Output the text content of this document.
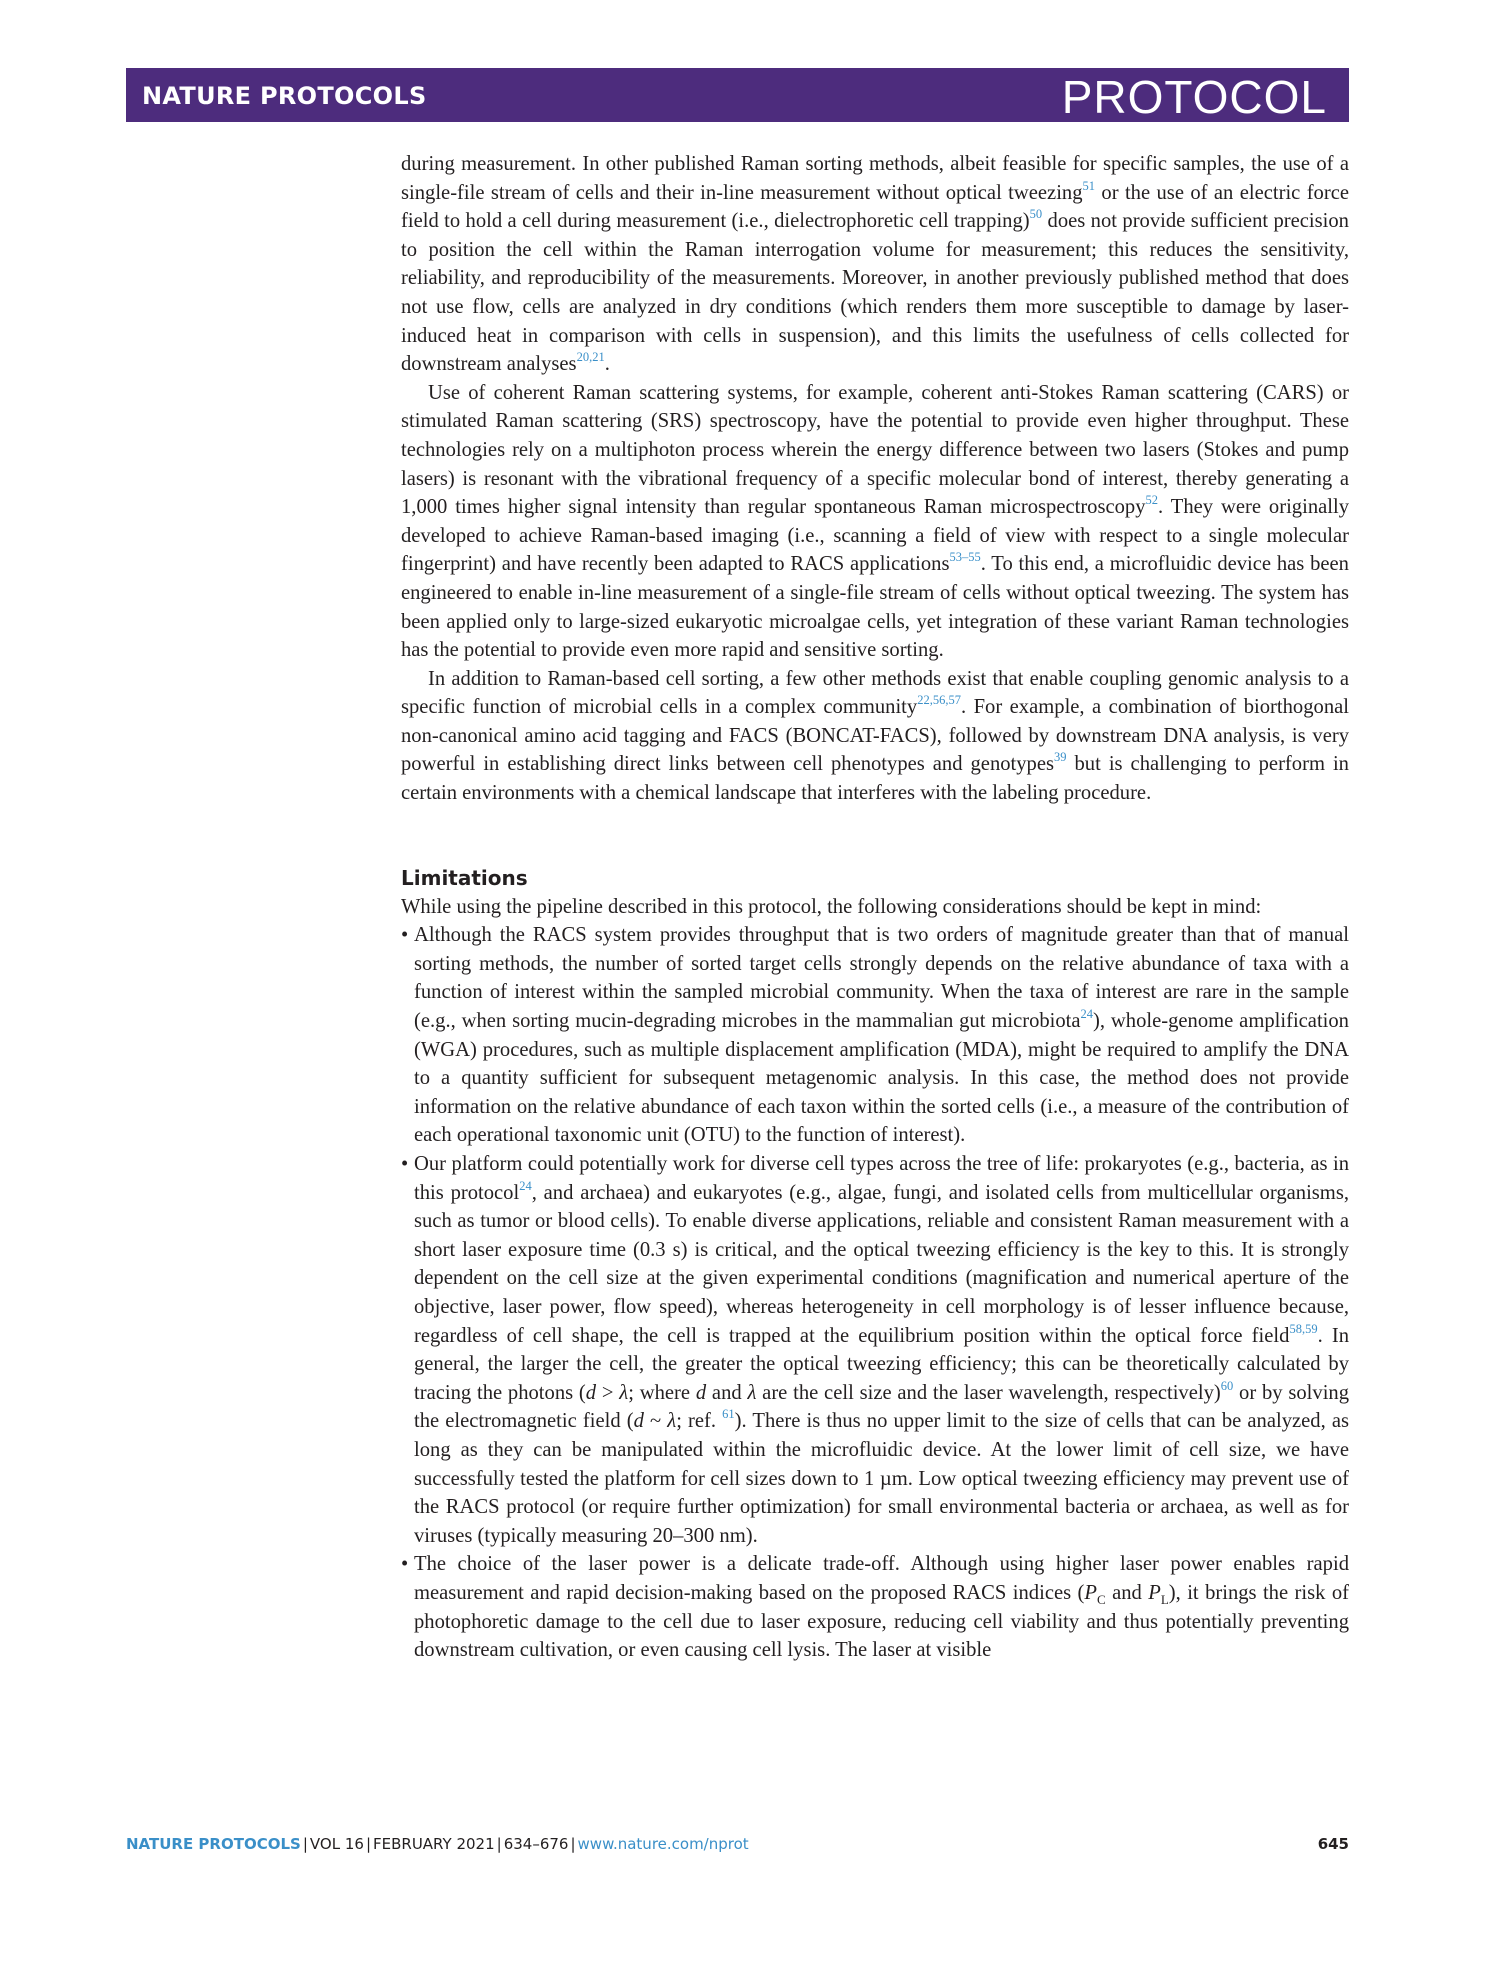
NATURE PROTOCOLS	PROTOCOL

during measurement. In other published Raman sorting methods, albeit feasible for specific samples, the use of a single-file stream of cells and their in-line measurement without optical tweezing$^{51}$ or the use of an electric force field to hold a cell during measurement (i.e., dielectrophoretic cell trapping)$^{50}$ does not provide sufficient precision to position the cell within the Raman interrogation volume for measurement; this reduces the sensitivity, reliability, and reproducibility of the measurements. Moreover, in another previously published method that does not use flow, cells are analyzed in dry conditions (which renders them more susceptible to damage by laser-induced heat in comparison with cells in suspension), and this limits the usefulness of cells collected for downstream analyses$^{20,21}$.

Use of coherent Raman scattering systems, for example, coherent anti-Stokes Raman scattering (CARS) or stimulated Raman scattering (SRS) spectroscopy, have the potential to provide even higher throughput. These technologies rely on a multiphoton process wherein the energy difference between two lasers (Stokes and pump lasers) is resonant with the vibrational frequency of a specific molecular bond of interest, thereby generating a 1,000 times higher signal intensity than regular spontaneous Raman microspectroscopy$^{52}$. They were originally developed to achieve Raman-based imaging (i.e., scanning a field of view with respect to a single molecular fingerprint) and have recently been adapted to RACS applications$^{53-55}$. To this end, a microfluidic device has been engineered to enable in-line measurement of a single-file stream of cells without optical tweezing. The system has been applied only to large-sized eukaryotic microalgae cells, yet integration of these variant Raman technologies has the potential to provide even more rapid and sensitive sorting.

In addition to Raman-based cell sorting, a few other methods exist that enable coupling genomic analysis to a specific function of microbial cells in a complex community$^{22,56,57}$. For example, a combination of biorthogonal non-canonical amino acid tagging and FACS (BONCAT-FACS), followed by downstream DNA analysis, is very powerful in establishing direct links between cell phenotypes and genotypes$^{39}$ but is challenging to perform in certain environments with a chemical landscape that interferes with the labeling procedure.

Limitations

While using the pipeline described in this protocol, the following considerations should be kept in mind:

• Although the RACS system provides throughput that is two orders of magnitude greater than that of manual sorting methods, the number of sorted target cells strongly depends on the relative abundance of taxa with a function of interest within the sampled microbial community. When the taxa of interest are rare in the sample (e.g., when sorting mucin-degrading microbes in the mammalian gut microbiota$^{24}$), whole-genome amplification (WGA) procedures, such as multiple displacement amplification (MDA), might be required to amplify the DNA to a quantity sufficient for subsequent metagenomic analysis. In this case, the method does not provide information on the relative abundance of each taxon within the sorted cells (i.e., a measure of the contribution of each operational taxonomic unit (OTU) to the function of interest).
• Our platform could potentially work for diverse cell types across the tree of life: prokaryotes (e.g., bacteria, as in this protocol$^{24}$, and archaea) and eukaryotes (e.g., algae, fungi, and isolated cells from multicellular organisms, such as tumor or blood cells). To enable diverse applications, reliable and consistent Raman measurement with a short laser exposure time (0.3 s) is critical, and the optical tweezing efficiency is the key to this. It is strongly dependent on the cell size at the given experimental conditions (magnification and numerical aperture of the objective, laser power, flow speed), whereas heterogeneity in cell morphology is of lesser influence because, regardless of cell shape, the cell is trapped at the equilibrium position within the optical force field$^{58,59}$. In general, the larger the cell, the greater the optical tweezing efficiency; this can be theoretically calculated by tracing the photons (d > λ; where d and λ are the cell size and the laser wavelength, respectively)$^{60}$ or by solving the electromagnetic field (d ~ λ; ref. $^{61}$). There is thus no upper limit to the size of cells that can be analyzed, as long as they can be manipulated within the microfluidic device. At the lower limit of cell size, we have successfully tested the platform for cell sizes down to 1 µm. Low optical tweezing efficiency may prevent use of the RACS protocol (or require further optimization) for small environmental bacteria or archaea, as well as for viruses (typically measuring 20–300 nm).
• The choice of the laser power is a delicate trade-off. Although using higher laser power enables rapid measurement and rapid decision-making based on the proposed RACS indices ($P_C$ and $P_L$), it brings the risk of photophoretic damage to the cell due to laser exposure, reducing cell viability and thus potentially preventing downstream cultivation, or even causing cell lysis. The laser at visible
NATURE PROTOCOLS | VOL 16 | FEBRUARY 2021 | 634–676 | www.nature.com/nprot	645
